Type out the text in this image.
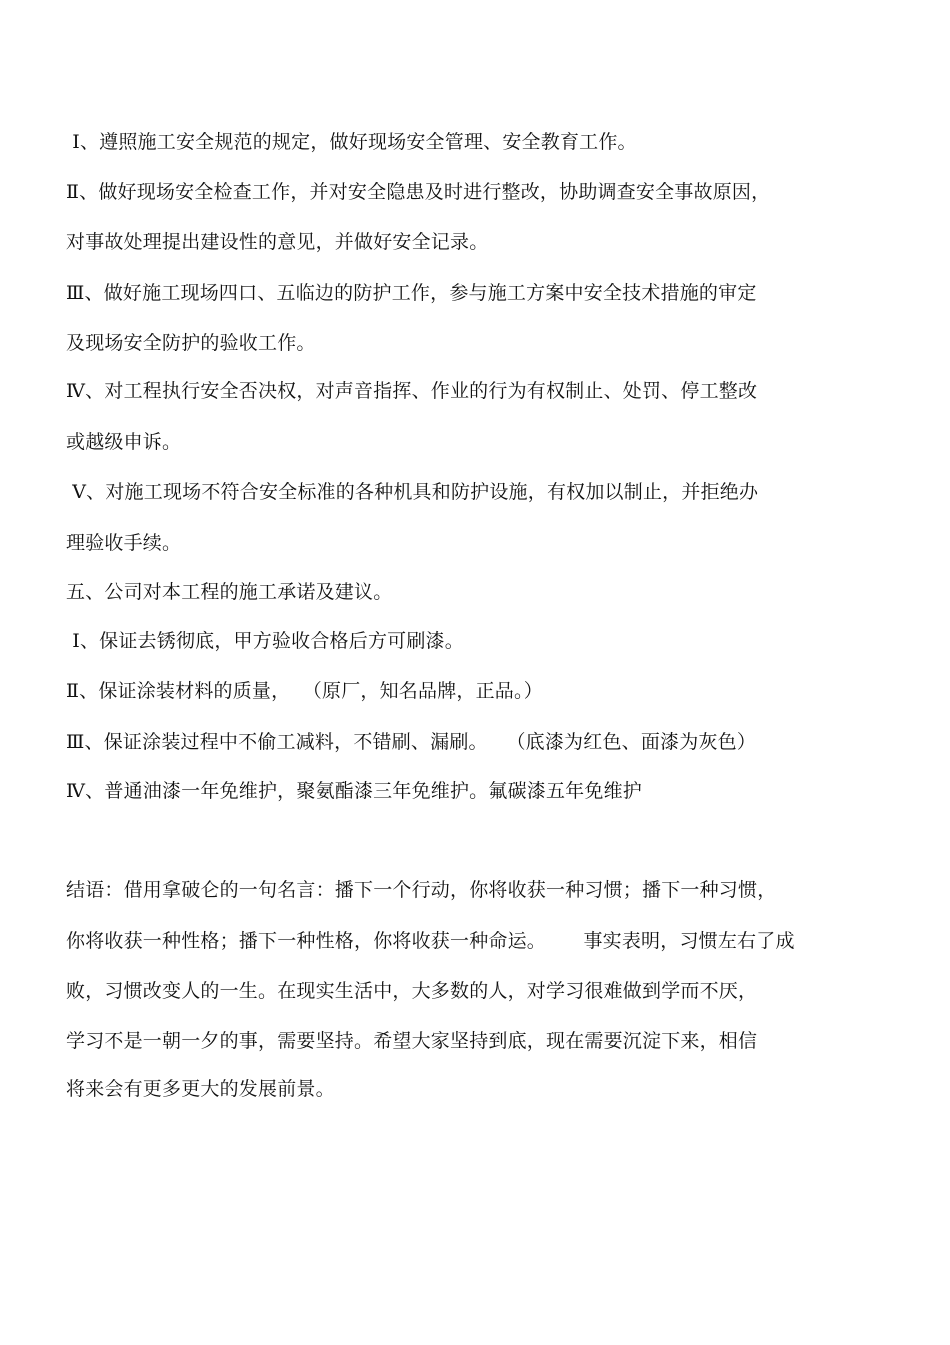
Ⅰ、遵照施工安全规范的规定，做好现场安全管理、安全教育工作。
Ⅱ、做好现场安全检查工作，并对安全隐患及时进行整改，协助调查安全事故原因，
对事故处理提出建设性的意见，并做好安全记录。
Ⅲ、做好施工现场四口、五临边的防护工作，参与施工方案中安全技术措施的审定
及现场安全防护的验收工作。
Ⅳ、对工程执行安全否决权，对声音指挥、作业的行为有权制止、处罚、停工整改
或越级申诉。
Ⅴ、对施工现场不符合安全标准的各种机具和防护设施，有权加以制止，并拒绝办
理验收手续。
五、公司对本工程的施工承诺及建议。
Ⅰ、保证去锈彻底，甲方验收合格后方可刷漆。
Ⅱ、保证涂装材料的质量，  （原厂，知名品牌，正品。）
Ⅲ、保证涂装过程中不偷工减料，不错刷、漏刷。   （底漆为红色、面漆为灰色）
Ⅳ、普通油漆一年免维护，聚氨酯漆三年免维护。氟碳漆五年免维护
结语：借用拿破仑的一句名言：播下一个行动，你将收获一种习惯；播下一种习惯，
你将收获一种性格；播下一种性格，你将收获一种命运。      事实表明，习惯左右了成
败，习惯改变人的一生。在现实生活中，大多数的人，对学习很难做到学而不厌，
学习不是一朝一夕的事，需要坚持。希望大家坚持到底，现在需要沉淀下来，相信
将来会有更多更大的发展前景。
